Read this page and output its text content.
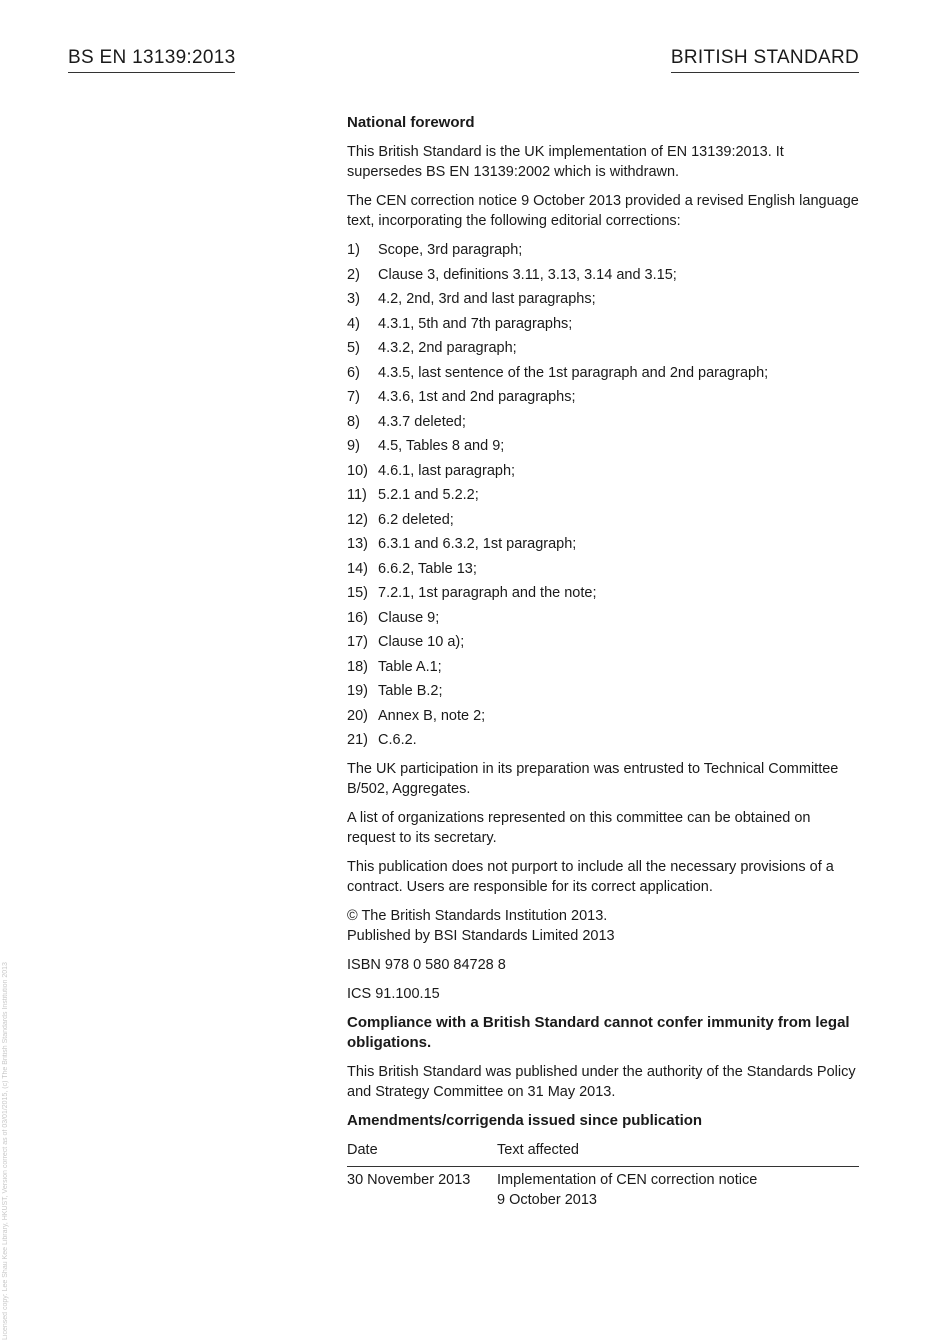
Licensed copy: Lee Shau Kee Library, HKUST, Version correct as of 03/01/2015, (c) The British Standards Institution 2013
BS EN 13139:2013	BRITISH STANDARD
National foreword

This British Standard is the UK implementation of EN 13139:2013. It supersedes BS EN 13139:2002 which is withdrawn.

The CEN correction notice 9 October 2013 provided a revised English language text, incorporating the following editorial corrections:

1)	Scope, 3rd paragraph;
2)	Clause 3, definitions 3.11, 3.13, 3.14 and 3.15;
3)	4.2, 2nd, 3rd and last paragraphs;
4)	4.3.1, 5th and 7th paragraphs;
5)	4.3.2, 2nd paragraph;
6)	4.3.5, last sentence of the 1st paragraph and 2nd paragraph;
7)	4.3.6, 1st and 2nd paragraphs;
8)	4.3.7 deleted;
9)	4.5, Tables 8 and 9;
10) 4.6.1, last paragraph;
11) 5.2.1 and 5.2.2;
12) 6.2 deleted;
13) 6.3.1 and 6.3.2, 1st paragraph;
14) 6.6.2, Table 13;
15) 7.2.1, 1st paragraph and the note;
16) Clause 9;
17) Clause 10 a);
18) Table A.1;
19) Table B.2;
20) Annex B, note 2;
21) C.6.2.

The UK participation in its preparation was entrusted to Technical Committee B/502, Aggregates.

A list of organizations represented on this committee can be obtained on request to its secretary.

This publication does not purport to include all the necessary provisions of a contract. Users are responsible for its correct application.

© The British Standards Institution 2013.
Published by BSI Standards Limited 2013

ISBN 978 0 580 84728 8

ICS 91.100.15

Compliance with a British Standard cannot confer immunity from legal obligations.

This British Standard was published under the authority of the Standards Policy and Strategy Committee on 31 May 2013.

Amendments/corrigenda issued since publication
Date	Text affected
30 November 2013	Implementation of CEN correction notice
9 October 2013
